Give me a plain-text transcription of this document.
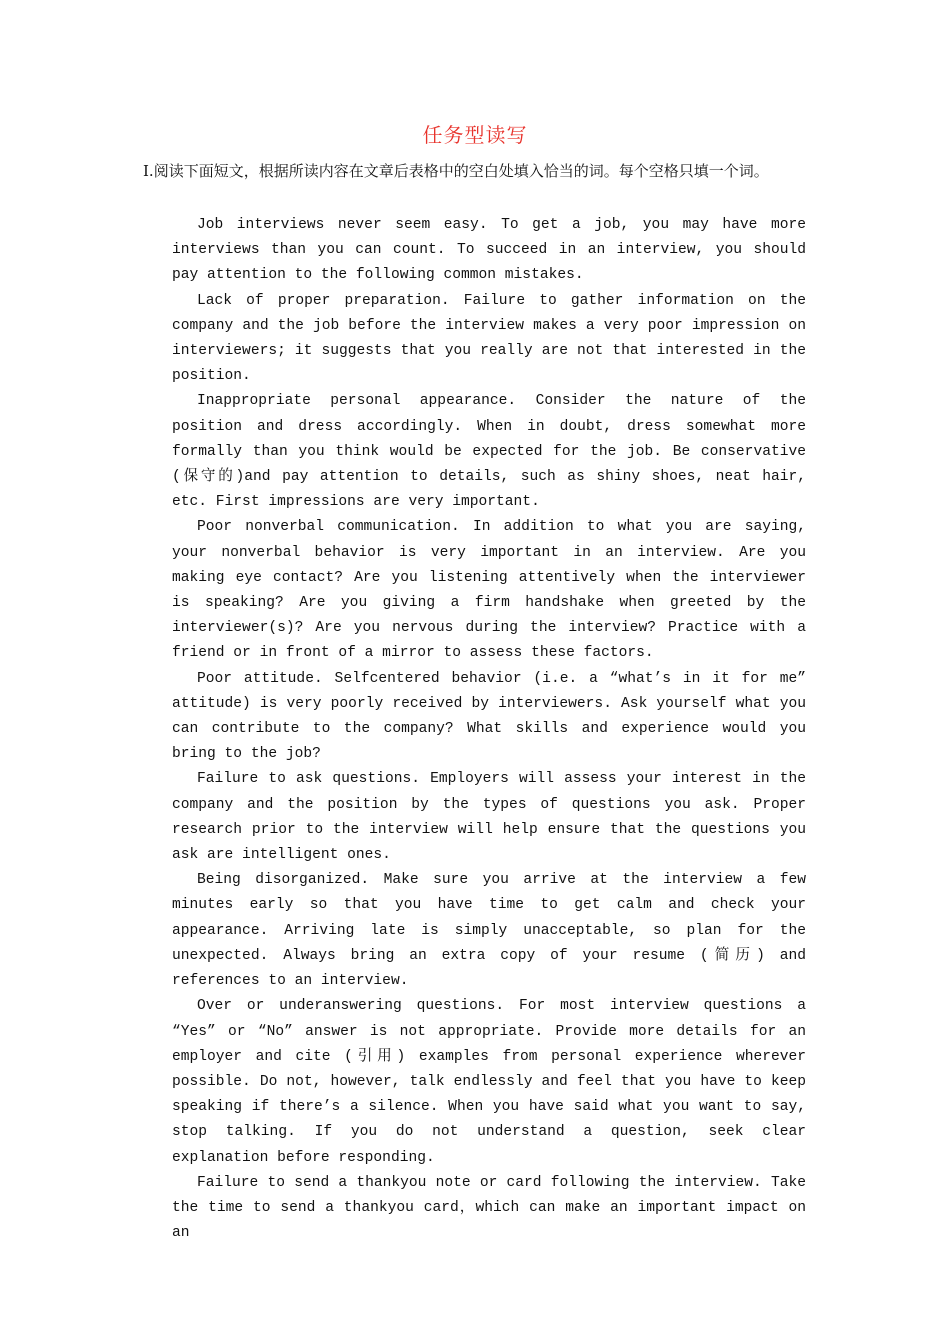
任务型读写
I.阅读下面短文，根据所读内容在文章后表格中的空白处填入恰当的词。每个空格只填一个词。

Job interviews never seem easy. To get a job, you may have more interviews than you can count. To succeed in an interview, you should pay attention to the following common mistakes.

Lack of proper preparation. Failure to gather information on the company and the job before the interview makes a very poor impression on interviewers; it suggests that you really are not that interested in the position.

Inappropriate personal appearance. Consider the nature of the position and dress accordingly. When in doubt, dress somewhat more formally than you think would be expected for the job. Be conservative (保守的)and pay attention to details, such as shiny shoes, neat hair, etc. First impressions are very important.

Poor nonverbal communication. In addition to what you are saying, your nonverbal behavior is very important in an interview. Are you making eye contact? Are you listening attentively when the interviewer is speaking? Are you giving a firm handshake when greeted by the interviewer(s)? Are you nervous during the interview? Practice with a friend or in front of a mirror to assess these factors.

Poor attitude. Selfcentered behavior (i.e. a “what’s in it for me” attitude) is very poorly received by interviewers. Ask yourself what you can contribute to the company? What skills and experience would you bring to the job?

Failure to ask questions. Employers will assess your interest in the company and the position by the types of questions you ask. Proper research prior to the interview will help ensure that the questions you ask are intelligent ones.

Being disorganized. Make sure you arrive at the interview a few minutes early so that you have time to get calm and check your appearance. Arriving late is simply unacceptable, so plan for the unexpected. Always bring an extra copy of your resume (简历) and references to an interview.

Over or underanswering questions. For most interview questions a “Yes” or “No” answer is not appropriate. Provide more details for an employer and cite (引用) examples from personal experience wherever possible. Do not, however, talk endlessly and feel that you have to keep speaking if there’s a silence. When you have said what you want to say, stop talking. If you do not understand a question, seek clear explanation before responding.

Failure to send a thankyou note or card following the interview. Take the time to send a thankyou card，which can make an important impact on an
